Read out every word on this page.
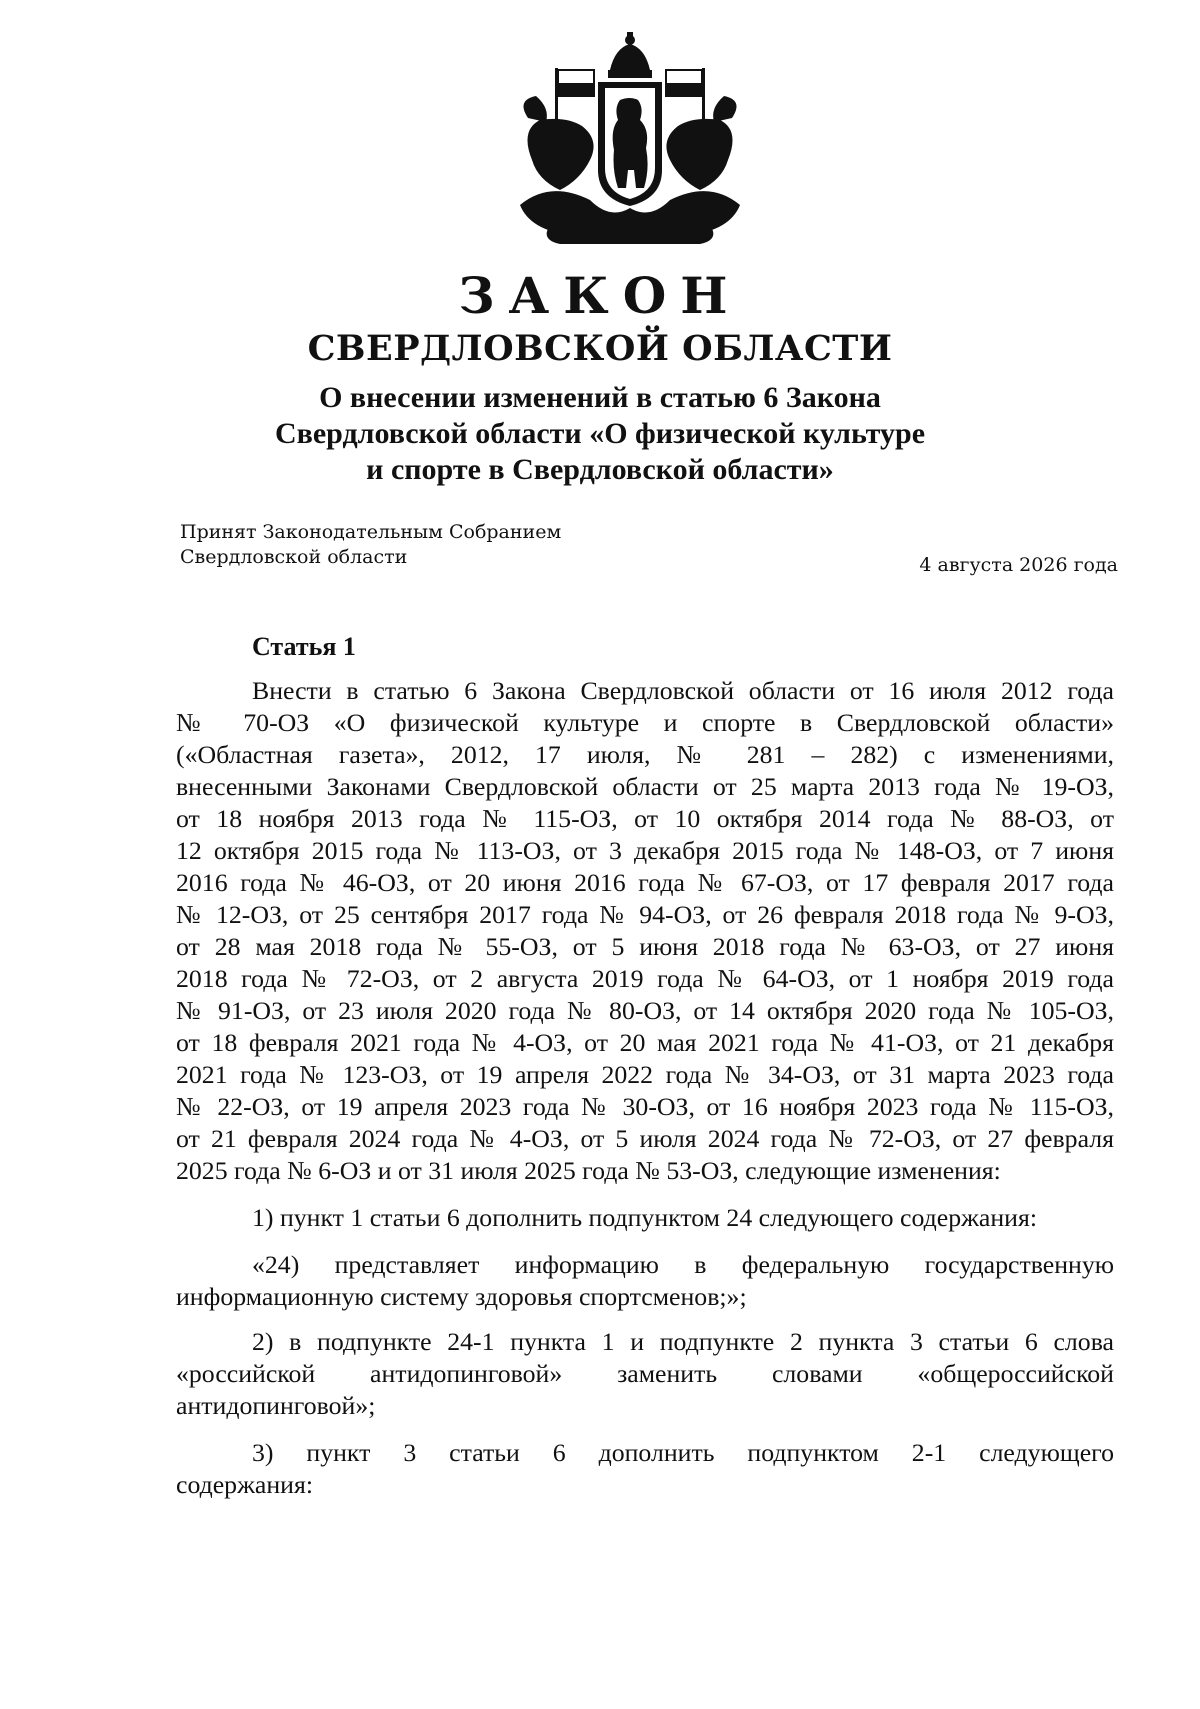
ЗАКОН
СВЕРДЛОВСКОЙ ОБЛАСТИ
О внесении изменений в статью 6 Закона
Свердловской области «О физической культуре
и спорте в Свердловской области»
Принят Законодательным Собранием
Свердловской области	4 августа 2026 года
Статья 1
Внести в статью 6 Закона Свердловской области от 16 июля 2012 года
№ 70-ОЗ «О физической культуре и спорте в Свердловской области»
(«Областная газета», 2012, 17 июля, № 281 – 282) с изменениями,
внесенными Законами Свердловской области от 25 марта 2013 года № 19-ОЗ,
от 18 ноября 2013 года № 115-ОЗ, от 10 октября 2014 года № 88-ОЗ, от
12 октября 2015 года № 113-ОЗ, от 3 декабря 2015 года № 148-ОЗ, от 7 июня
2016 года № 46-ОЗ, от 20 июня 2016 года № 67-ОЗ, от 17 февраля 2017 года
№ 12-ОЗ, от 25 сентября 2017 года № 94-ОЗ, от 26 февраля 2018 года № 9-ОЗ,
от 28 мая 2018 года № 55-ОЗ, от 5 июня 2018 года № 63-ОЗ, от 27 июня
2018 года № 72-ОЗ, от 2 августа 2019 года № 64-ОЗ, от 1 ноября 2019 года
№ 91-ОЗ, от 23 июля 2020 года № 80-ОЗ, от 14 октября 2020 года № 105-ОЗ,
от 18 февраля 2021 года № 4-ОЗ, от 20 мая 2021 года № 41-ОЗ, от 21 декабря
2021 года № 123-ОЗ, от 19 апреля 2022 года № 34-ОЗ, от 31 марта 2023 года
№ 22-ОЗ, от 19 апреля 2023 года № 30-ОЗ, от 16 ноября 2023 года № 115-ОЗ,
от 21 февраля 2024 года № 4-ОЗ, от 5 июля 2024 года № 72-ОЗ, от 27 февраля
2025 года № 6-ОЗ и от 31 июля 2025 года № 53-ОЗ, следующие изменения:
1) пункт 1 статьи 6 дополнить подпунктом 24 следующего содержания:
«24) представляет информацию в федеральную государственную
информационную систему здоровья спортсменов;»;
2) в подпункте 24-1 пункта 1 и подпункте 2 пункта 3 статьи 6 слова
«российской антидопинговой» заменить словами «общероссийской
антидопинговой»;
3) пункт 3 статьи 6 дополнить подпунктом 2-1 следующего
содержания:
